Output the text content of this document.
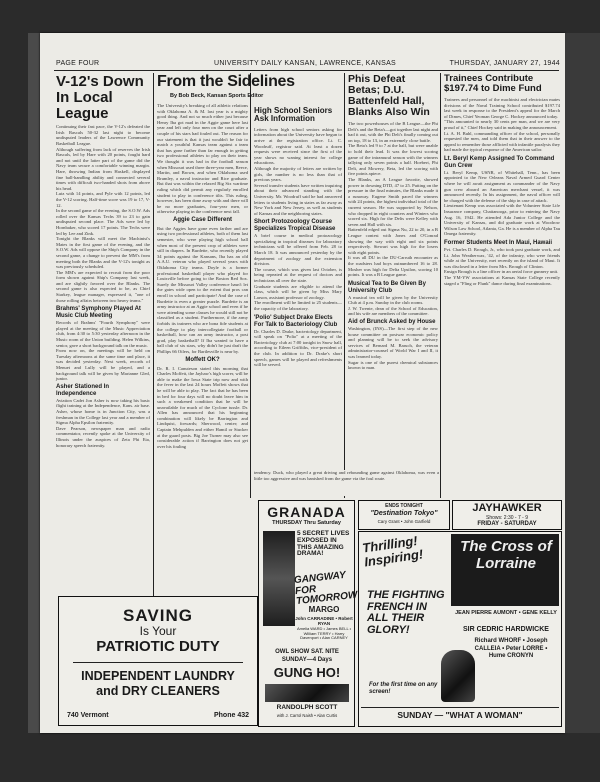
PAGE FOUR	UNIVERSITY DAILY KANSAN, LAWRENCE, KANSAS	THURSDAY, JANUARY 27, 1944
V-12's Down In Local League
Continuing their fast pace, the V-12's defeated the Irish Rascals 50-32 last night to become undisputed leaders of the Lawrence Community Basketball League.
Although suffering from lack of reserves the Irish Rascals, led by Hare with 20 points, fought hard and not until the latter part of the game did the Navy team secure a comfortable winning margin. Hare, throwing Indian from Haskell, displayed fine ball-handling ability and connected several times with difficult two-handed shots from above his head.
Lutz with 14 points, and Pyle with 12 points, led the V-12 scoring. Half-time score was 19 to 17, V-12.
In the second game of the evening, the S.O.W. Ads rolled over the Kansas Techs 39 to 23 to gain undisputed second place. The Ads were led by Hornbaker, who scored 17 points. The Techs were led by Lee and Zink.
Tonight the Blanks will meet the Machinist's Mates in the first game of the evening, and the S.O.W. Ads will oppose the Ship's Company in the second game, a change to prevent the MM's from meeting both the Blanks and the V-12's tonight as was previously scheduled.
The MM's are expected to recruit from the poor form shown against Ship's Company last week, and are slightly favored over the Blanks. The second game is also expected to be, as Chief Starkey, league manager, expressed it, "one of those rolling affairs between two heavy teams."
Brahms' Symphony Played At Music Club Meeting
Records of Brahms' "Fourth Symphony" were played at the meeting of the Music Appreciation club, from 4:30 to 5:30 yesterday afternoon in the Music room of the Union building. Helen Wilkins, senior, gave a short background talk on the music.
From now on, the meetings will be held on Tuesday afternoons at the same time and place, it was decided yesterday. Next week, records of Menuet and Lully will be played, and a background talk will be given by Marianne Gled, junior.
Asher Stationed In Independence
Aviation Cadet Jon Asher is now taking his basic flight training at the Independence, Kans. air base. Asher, whose home is in Junction City, was a freshman in the College last year and a member of Sigma Alpha Epsilon fraternity.
Dave Pearson, newspaper man and radio commentator, recently spoke at the University of Illinois under the auspices of Zeta Phi Eta, honorary speech fraternity.
From the Sidelines
By Bob Beck, Kansan Sports Editor
The University's breaking of all athletic relations with Oklahoma A. & M. last year is a mighty good thing. And not so much either just because Henry Iba got mad in the Aggie game here last year and left only four men on the court after a couple of his stars had fouled out. The reason for our statement is that it just wouldn't be fair to match a youthful Kansas team against a team that has gone farther than far enough in getting two professional athletes to play on their team. We thought it was bad in the football season when Missouri used three three-year men, Reece, Martin, and Brown, and when Oklahoma used Brumley, a naval instructor and Rice graduate. But that was within the relaxed Big Six wartime ruling which did permit any regularly enrolled student to play in conference tilts. This ruling, however, has been done away with and there will be no more graduates, four-year men, or otherwise playing in the conference next fall.
Aggie Case Different
But the Aggies have gone even farther and are using two professional athletes, both of them last semester, who were playing high school ball when most of the present crop of athletes were still in diapers. In Burdette, who recently played 34 points against the Kansans, Iba has an old A.A.U. veteran who played several years with Oklahoma City teams. Doyle is a former professional basketball player who played for Louisville before going to the Boston Red Sox. Surely the Missouri Valley conference hasn't let the gates wide open to the extent that pros can enroll in school and participate! And the case of Burdette is even a greater puzzle. Burdette is an army instructor at an Aggie school and even if he were attending some classes he would still not be classified as a student. Furthermore, if the army forbids its trainees who are bona fide students at the college to play intercollegiate football or basketball, how can an army instructor, a post grad, play basketball? If Iba wanted to have a ball club of six stars, why didn't he just draft the Phillips 66 Oilers, for Bartlesville is near by.
Moffett OK?
Dr. R. I. Canuteson stated this morning that Charles Moffett, the Jayhaw's high scorer, will be able to make the Iowa State trip now and with the fever in the last 24 hours Moffett shows that he will be able to play. The fact that he has been in bed for four days will no doubt leave him in such a weakened condition that he will be unavailable for much of the Cyclone tussle. Dr. Allen has announced that his beginning combination will likely be Barrington and Lindquist, forwards; Sherwood, center; and Captain Mehpulden and either Hamil or Stucker at the guard posts. Big Joe Turner may also see considerable action if Barrington does not get over his fouling
High School Seniors Ask Information
Letters from high school seniors asking for information about the University have begun to arrive at the registration office. Lt. C. Woodruff, registrar said. At least a dozen requests were received since the first of the year shows no waning interest for college educations.
Although the majority of letters are written by girls, the number is no less than that of previous years.
Several transfer students have written inquiring about their advanced standing with the University. Mr. Woodruff said he had answered letters to students living in states as far away as New York and New Jersey, as well as students of Kansas and the neighboring states.
Short Protozoology Course Specializes Tropical Disease
A brief course in medical protozoology specializing in tropical diseases for laboratory technicians will be offered from Feb. 28 to March 18. It was announced yesterday by the department of zoology and the extension division.
The course, which was given last October, is being repeated at the request of doctors and technicians all over the state.
Graduate students are eligible to attend the class, which will be given by Miss Mary Larson, assistant professor of zoology.
The enrollment will be limited to 25 students—the capacity of the laboratory.
'Polio' Subject Drake Elects For Talk to Bacteriology Club
Dr. Charles D. Drake, bacteriology department, will speak on "Polio" at a meeting of the Bacteriology club at 7:00 tonight in Snow hall, according to Eileen Griffiths, vice-president of the club. In addition to Dr. Drake's short speech, games will be played and refreshments will be served.
tendency. Duck, who played a great driving and rebounding game against Oklahoma, was even a little too aggressive and was banished from the game via the foul route.
Phis Defeat Betas; D.U. Battenfeld Hall, Blanks Also Win
The two powerhouses of the B League—the Phi Delt's and the Beta's—got together last night and had it out, with the Phi Delt's finally coming out on top, 18 to 13, in an extremely close battle.
The Beta's led 9 to 7 at the half, but were unable to hold their lead. It was the lowest scoring game of the intramural season with the winners tallying only seven points a half. Hoebert, Phi Delt, and Mowery, Beta, led the scoring with five points apiece.
The Blanks, an A League favorite, showed power in downing DTD, 47 to 25. Putting on the pressure in the final minutes, the Blanks made it a runaway. Eugene Smith paced the winners with 24 points, the highest individual total of the current season. He was supported by Nelson, who dropped in eight counters and Winters who scored six. High for the Delts were Kelley with seven and Hall with six.
Battenfeld edged out Sigma Nu, 22 to 20, in a B League contest with Jones and O'Conrad showing the way with eight and six points respectively. Stewart was high for the losers with eight points.
It was all DU in the DU-Carruth encounter as the roadsters had boys outnumbered 16 to 28. Mosher was high for Delta Upsilon, scoring 10 points. It was a B League game.
Musical Tea to Be Given By University Club
A musical tea will be given by the University Club at 4 p.m. Sunday in the club rooms.
J. W. Twente, dean of the School of Education, and his wife are members of the committee.
Aid of Brunck Asked by House
Washington, (INS)—The first step of the new house committee on postwar economic policy and planning will be to seek the advisory services of Bernard M. Baruch, the veteran administrator-counsel of World War I and II, it was learned today.
Sugar is one of the purest chemical substances known to man.
Trainees Contribute $197.74 to Dime Fund
Trainees and personnel of the machinist and electrician mates divisions of the Naval Training School contributed $197.74 last week in response to the President's appeal for the March of Dimes, Chief Yeoman George C. Hockey announced today.
"This amounted to nearly 30 cents per man, and we are very proud of it," Chief Hockey said in making the announcement.
Lt. A. H. Buhl, commanding officer of the school, personally requested the men, and told them that in their answer to the appeal to remember those afflicted with infantile paralysis they had made the typical response of the American sailor.
Lt. Beryl Kemp Assigned To Command Gun Crew
Lt. Beryl Kemp, USNR, of Whitehall, Tenn., has been appointed to the New Orleans Naval Armed Guard Center where he will await assignment as commander of the Navy gun crew aboard an American merchant vessel, it was announced recently. In his assignment, the naval officer will be charged with the defense of the ship in case of attack.
Lieutenant Kemp was associated with the Volunteer State Life Insurance company, Chattanooga, prior to entering the Navy Aug. 16, 1942. He attended Ada Junior College and the University of Kansas, and did graduate work at Woodrow Wilson Law School, Atlanta, Ga. He is a member of Alpha Tau Omega fraternity.
Former Students Meet In Maui, Hawaii
Pvt. Charles D. Brough, Jr., who took post graduate work, and Lt. John Weatherwax, '42, of the infantry, who were friends while at the University, met recently on the island of Maui. It was disclosed in a letter from Mrs. Brough of Clinton.
Ensign Brough is a line officer in an aerial force gunnery unit.
The YM-YW associations at Kansas State College recently staged a "Fling or Flunk" dance during final examinations.
SAVING
Is Your
PATRIOTIC DUTY
INDEPENDENT LAUNDRY
and DRY CLEANERS
740 Vermont	Phone 432
GRANADA
THURSDAY Thru Saturday
5 SECRET LIVES EXPOSED IN THIS AMAZING DRAMA!
GANGWAY FOR TOMORROW
MARGO
John CARRADINE • Robert RYAN
Amelia WARD • James BELL • William TERRY • Harry Davenport • Alan CARNEY
OWL SHOW SAT. NITE
SUNDAY—4 Days
GUNG HO!
RANDOLPH SCOTT
with J. Carrol Naish • Alan Curtis
ENDS TONIGHT
"Destination Tokyo"
Cary Grant • John Garfield
JAYHAWKER
Shows: 2:30 - 7 - 9
FRIDAY - SATURDAY
Thrilling! Inspiring!
THE FIGHTING FRENCH IN ALL THEIR GLORY!
For the first time on any screen!
The Cross of Lorraine
JEAN PIERRE AUMONT • GENE KELLY
SIR CEDRIC HARDWICKE
Richard WHORF • Joseph CALLEIA • Peter LORRE • Hume CRONYN
SUNDAY — "WHAT A WOMAN"
